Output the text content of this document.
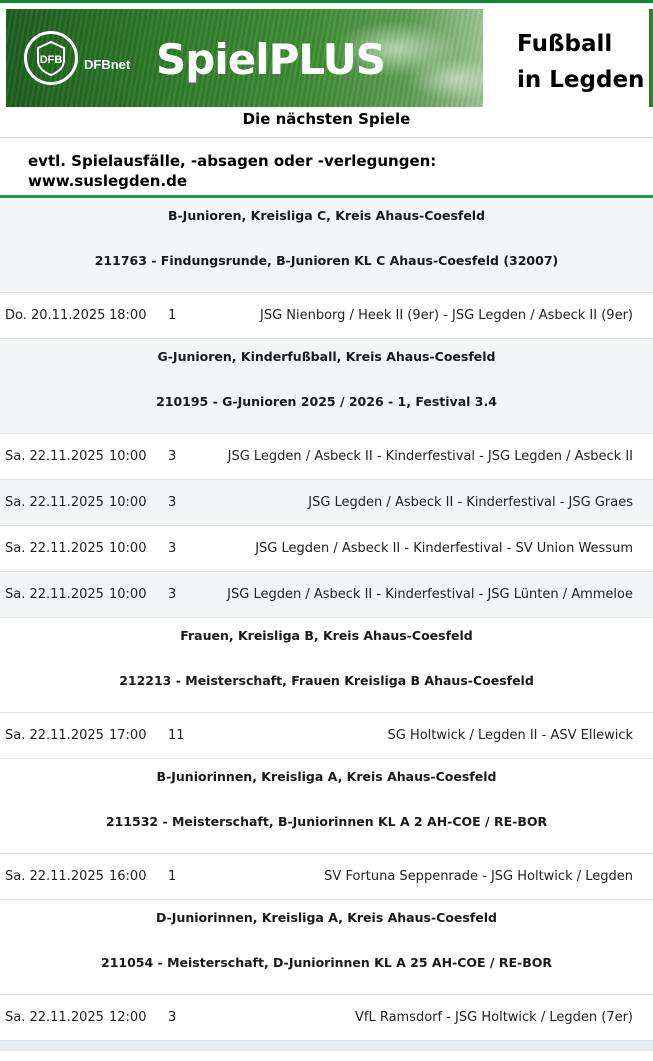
DFB DFBnet SpielPLUS	Fußball
in Legden
Die nächsten Spiele
evtl. Spielausfälle, -absagen oder -verlegungen:
www.suslegden.de
B-Junioren, Kreisliga C, Kreis Ahaus-Coesfeld
211763 - Findungsrunde, B-Junioren KL C Ahaus-Coesfeld (32007)
Do. 20.11.2025 18:00 1	JSG Nienborg / Heek II (9er) - JSG Legden / Asbeck II (9er)
G-Junioren, Kinderfußball, Kreis Ahaus-Coesfeld
210195 - G-Junioren 2025 / 2026 - 1, Festival 3.4
Sa. 22.11.2025 10:00 3	JSG Legden / Asbeck II - Kinderfestival - JSG Legden / Asbeck II
Sa. 22.11.2025 10:00 3	JSG Legden / Asbeck II - Kinderfestival - JSG Graes
Sa. 22.11.2025 10:00 3	JSG Legden / Asbeck II - Kinderfestival - SV Union Wessum
Sa. 22.11.2025 10:00 3	JSG Legden / Asbeck II - Kinderfestival - JSG Lünten / Ammeloe
Frauen, Kreisliga B, Kreis Ahaus-Coesfeld
212213 - Meisterschaft, Frauen Kreisliga B Ahaus-Coesfeld
Sa. 22.11.2025 17:00 11	SG Holtwick / Legden II - ASV Ellewick
B-Juniorinnen, Kreisliga A, Kreis Ahaus-Coesfeld
211532 - Meisterschaft, B-Juniorinnen KL A 2 AH-COE / RE-BOR
Sa. 22.11.2025 16:00 1	SV Fortuna Seppenrade - JSG Holtwick / Legden
D-Juniorinnen, Kreisliga A, Kreis Ahaus-Coesfeld
211054 - Meisterschaft, D-Juniorinnen KL A 25 AH-COE / RE-BOR
Sa. 22.11.2025 12:00 3	VfL Ramsdorf - JSG Holtwick / Legden (7er)
